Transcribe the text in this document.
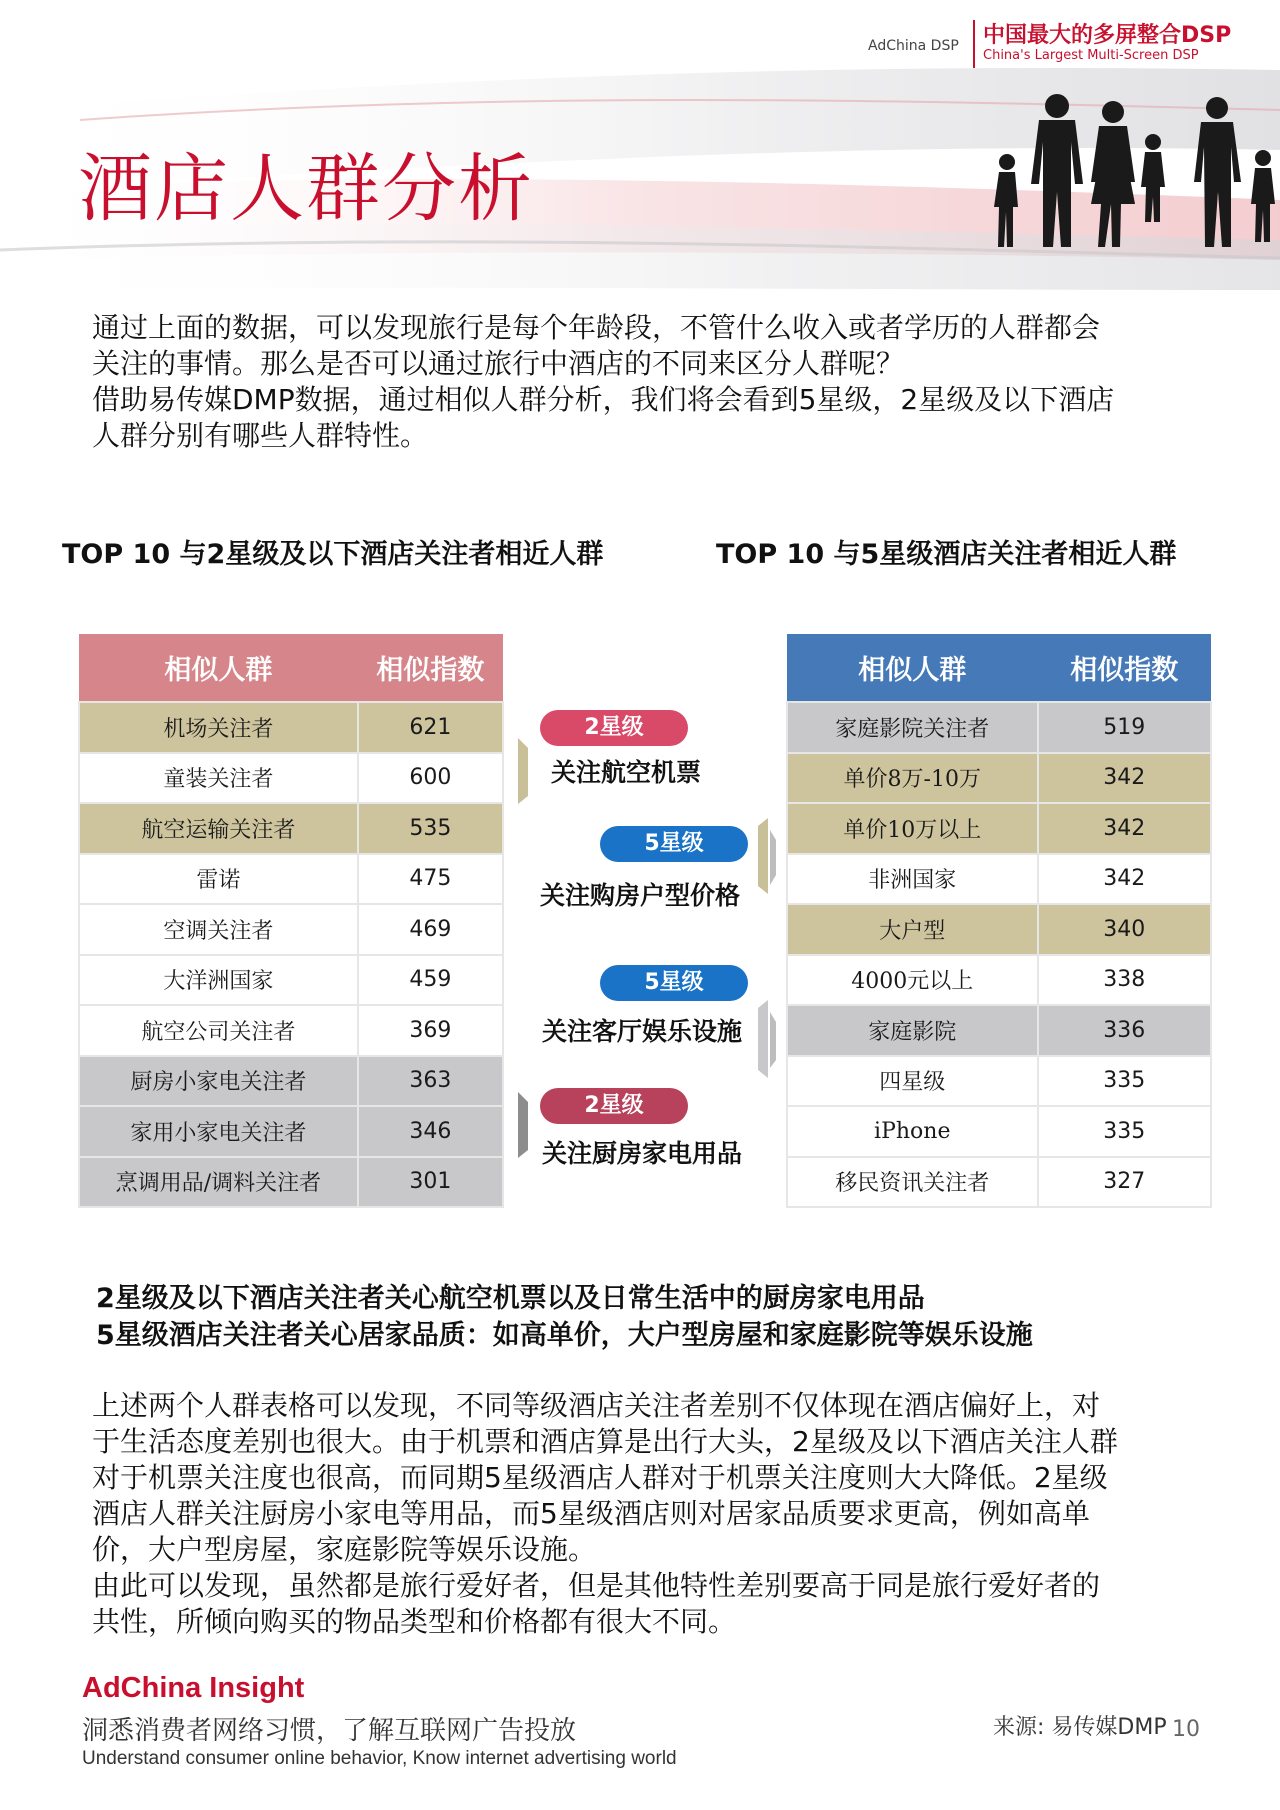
AdChina DSP 中国最大的多屏整合DSP
China's Largest Multi-Screen DSP
酒店人群分析
通过上面的数据，可以发现旅行是每个年龄段，不管什么收入或者学历的人群都会
关注的事情。那么是否可以通过旅行中酒店的不同来区分人群呢？
借助易传媒DMP数据，通过相似人群分析，我们将会看到5星级，2星级及以下酒店
人群分别有哪些人群特性。
TOP 10 与2星级及以下酒店关注者相近人群	TOP 10 与5星级酒店关注者相近人群
相似人群	相似指数
机场关注者	621
童装关注者	600
航空运输关注者	535
雷诺	475
空调关注者	469
大洋洲国家	459
航空公司关注者	369
厨房小家电关注者	363
家用小家电关注者	346
烹调用品/调料关注者	301
相似人群	相似指数
家庭影院关注者	519
单价8万-10万	342
单价10万以上	342
非洲国家	342
大户型	340
4000元以上	338
家庭影院	336
四星级	335
iPhone	335
移民资讯关注者	327
2星级
关注航空机票
5星级
关注购房户型价格
5星级
关注客厅娱乐设施
2星级
关注厨房家电用品
2星级及以下酒店关注者关心航空机票以及日常生活中的厨房家电用品
5星级酒店关注者关心居家品质：如高单价，大户型房屋和家庭影院等娱乐设施
上述两个人群表格可以发现，不同等级酒店关注者差别不仅体现在酒店偏好上，对
于生活态度差别也很大。由于机票和酒店算是出行大头，2星级及以下酒店关注人群
对于机票关注度也很高，而同期5星级酒店人群对于机票关注度则大大降低。2星级
酒店人群关注厨房小家电等用品，而5星级酒店则对居家品质要求更高，例如高单
价，大户型房屋，家庭影院等娱乐设施。
由此可以发现，虽然都是旅行爱好者，但是其他特性差别要高于同是旅行爱好者的
共性，所倾向购买的物品类型和价格都有很大不同。
AdChina Insight
洞悉消费者网络习惯，了解互联网广告投放
Understand consumer online behavior, Know internet advertising world
来源: 易传媒DMP 10
